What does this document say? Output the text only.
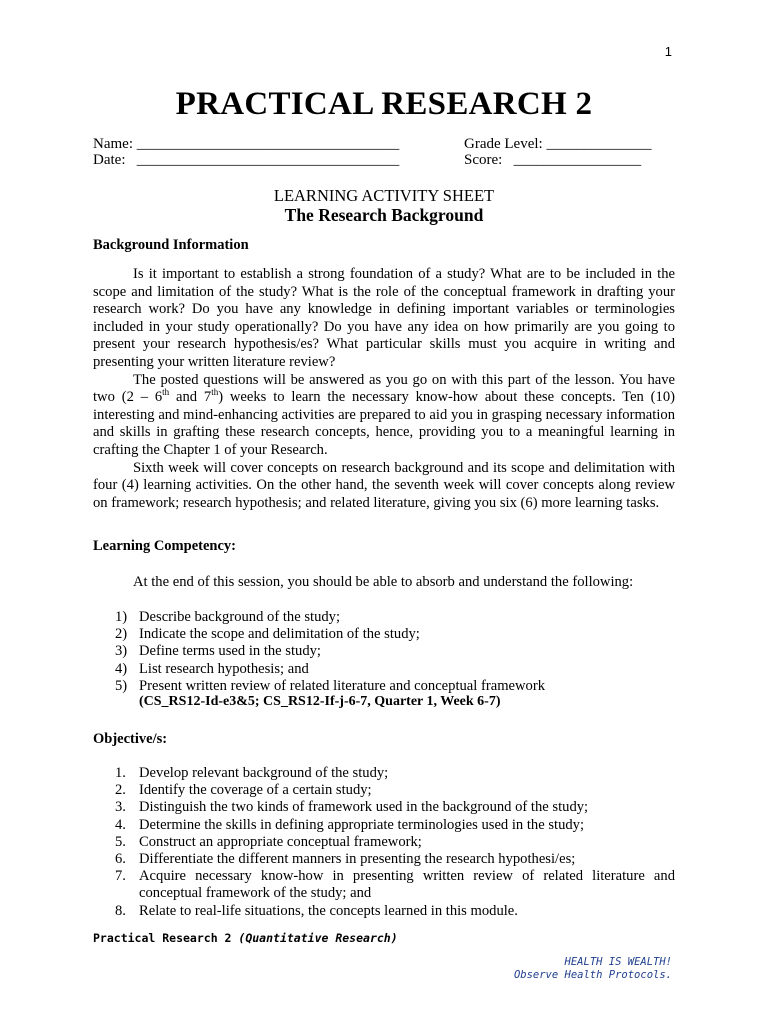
1
PRACTICAL RESEARCH 2
Name: ___________________________________	Grade Level: ______________
Date:   ___________________________________	Score:   _________________
LEARNING ACTIVITY SHEET
The Research Background
Background Information

Is it important to establish a strong foundation of a study? What are to be included in the scope and limitation of the study? What is the role of the conceptual framework in drafting your research work? Do you have any knowledge in defining important variables or terminologies included in your study operationally? Do you have any idea on how primarily are you going to present your research hypothesis/es? What particular skills must you acquire in writing and presenting your written literature review?

The posted questions will be answered as you go on with this part of the lesson. You have two (2 – 6th and 7th) weeks to learn the necessary know-how about these concepts. Ten (10) interesting and mind-enhancing activities are prepared to aid you in grasping necessary information and skills in grafting these research concepts, hence, providing you to a meaningful learning in crafting the Chapter 1 of your Research.

Sixth week will cover concepts on research background and its scope and delimitation with four (4) learning activities. On the other hand, the seventh week will cover concepts along review on framework; research hypothesis; and related literature, giving you six (6) more learning tasks.

Learning Competency:

At the end of this session, you should be able to absorb and understand the following:

1) Describe background of the study;
2) Indicate the scope and delimitation of the study;
3) Define terms used in the study;
4) List research hypothesis; and
5) Present written review of related literature and conceptual framework
(CS_RS12-Id-e3&5; CS_RS12-If-j-6-7, Quarter 1, Week 6-7)
Objective/s:
1. Develop relevant background of the study;
2. Identify the coverage of a certain study;
3. Distinguish the two kinds of framework used in the background of the study;
4. Determine the skills in defining appropriate terminologies used in the study;
5. Construct an appropriate conceptual framework;
6. Differentiate the different manners in presenting the research hypothesi/es;
7. Acquire necessary know-how in presenting written review of related literature and conceptual framework of the study; and
8. Relate to real-life situations, the concepts learned in this module.
Practical Research 2 (Quantitative Research)
HEALTH IS WEALTH!
Observe Health Protocols.
